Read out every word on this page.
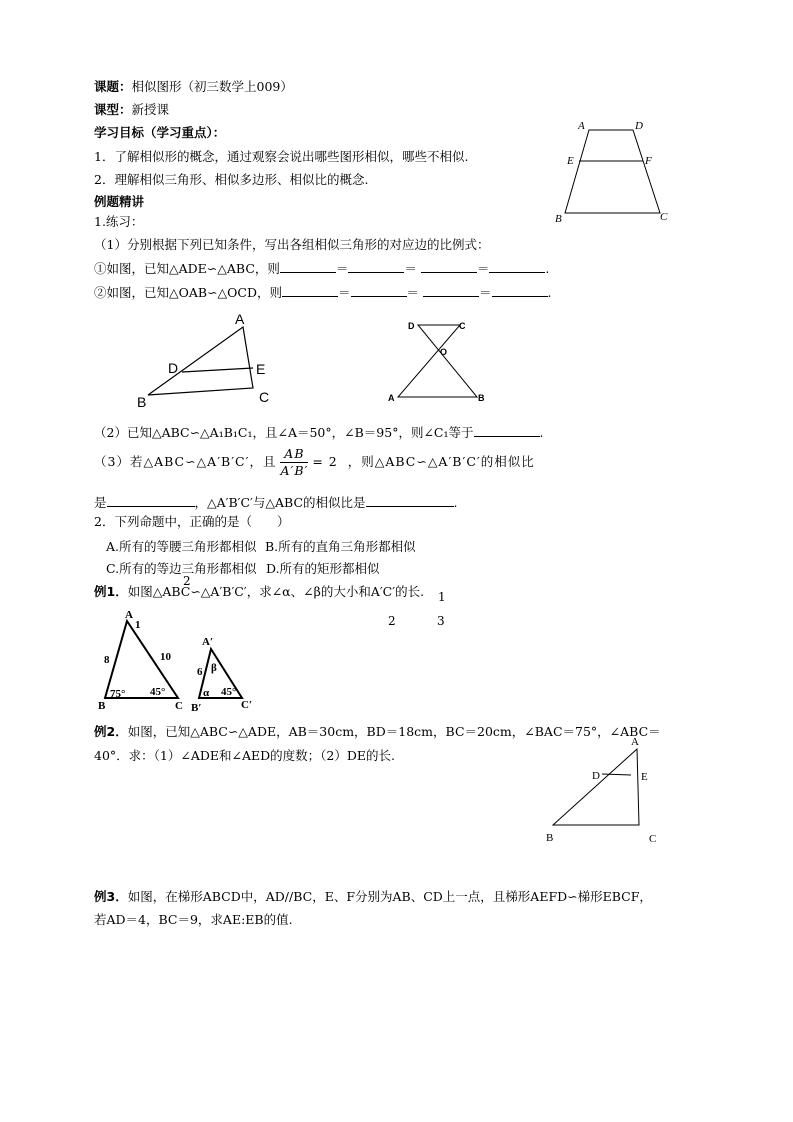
课题：相似图形（初三数学上009）
课型：新授课
学习目标（学习重点）：
1．了解相似形的概念，通过观察会说出哪些图形相似，哪些不相似.
2．理解相似三角形、相似多边形、相似比的概念.
例题精讲
1.练习：
（1）分别根据下列已知条件，写出各组相似三角形的对应边的比例式：
①如图，已知△ADE∽△ABC，则	＝	＝	＝	.
②如图，已知△OAB∽△OCD，则	＝	＝	＝	.
A	D
E	F
B	C
A
D	E
B	C
D	C
O
A	B
（2）已知△ABC∽△A₁B₁C₁，且∠A＝50°，∠B＝95°，则∠C₁等于	.
（3）若△ABC∽△A′B′C′，且 $\frac{AB}{A'B'} = 2$ ，则△ABC∽△A′B′C′的相似比
是	，△A′B′C′与△ABC的相似比是	.
2．下列命题中，正确的是（　　）
A.所有的等腰三角形都相似 B.所有的直角三角形都相似
C.所有的等边三角形都相似 D.所有的矩形都相似
例1．如图△ABC∽△A′B′C′，求∠α、∠β的大小和A′C′的长.
2
1
2	3
A
1
8	10
75° 45°
B	C
A′
6 β
α 45°
B′	C′
例2．如图，已知△ABC∽△ADE，AB＝30cm，BD＝18cm，BC＝20cm，∠BAC＝75°，∠ABC＝
40°．求：（1）∠ADE和∠AED的度数；（2）DE的长.
A
D	E
B	C
例3．如图，在梯形ABCD中，AD//BC，E、F分别为AB、CD上一点，且梯形AEFD∽梯形EBCF，
若AD＝4，BC＝9，求AE:EB的值.
